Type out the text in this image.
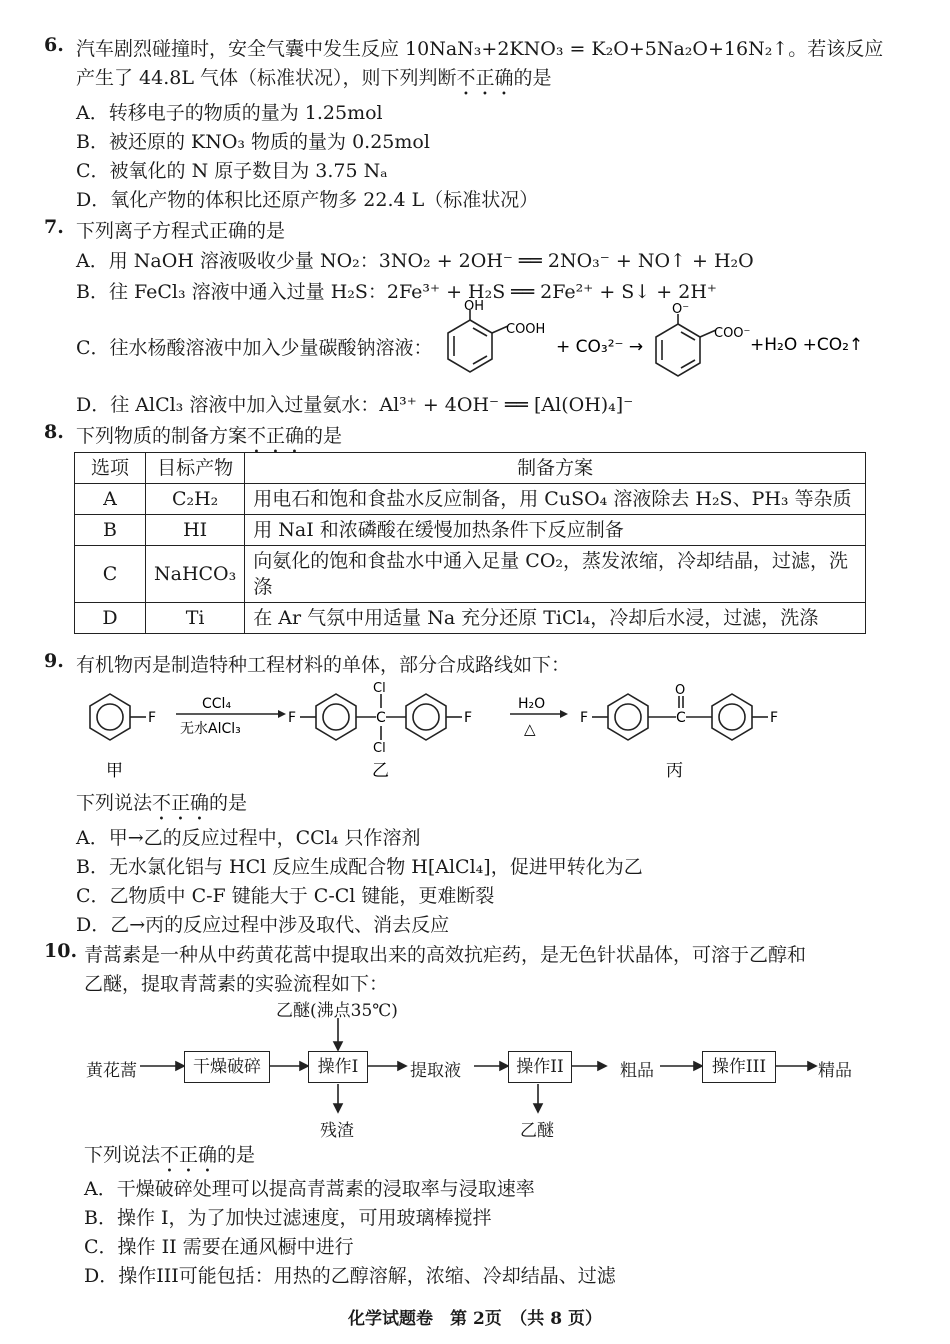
6. 汽车剧烈碰撞时，安全气囊中发生反应 10NaN₃+2KNO₃ = K₂O+5Na₂O+16N₂↑。若该反应
产生了 44.8L 气体（标准状况），则下列判断不正确的是
A．转移电子的物质的量为 1.25mol
B．被还原的 KNO₃ 物质的量为 0.25mol
C．被氧化的 N 原子数目为 3.75 Nₐ
D．氧化产物的体积比还原产物多 22.4 L（标准状况）
7. 下列离子方程式正确的是
A．用 NaOH 溶液吸收少量 NO₂：3NO₂ + 2OH⁻ ══ 2NO₃⁻ + NO↑ + H₂O
B．往 FeCl₃ 溶液中通入过量 H₂S：2Fe³⁺ + H₂S ══ 2Fe²⁺ + S↓ + 2H⁺
C．往水杨酸溶液中加入少量碳酸钠溶液：
OH
COOH
+ CO₃²⁻ →
O⁻
COO⁻
+H₂O +CO₂↑
D．往 AlCl₃ 溶液中加入过量氨水：Al³⁺ + 4OH⁻ ══ [Al(OH)₄]⁻
8. 下列物质的制备方案不正确的是
选项	目标产物	制备方案
A	C₂H₂	用电石和饱和食盐水反应制备，用 CuSO₄ 溶液除去 H₂S、PH₃ 等杂质
B	HI	用 NaI 和浓磷酸在缓慢加热条件下反应制备
C	NaHCO₃	向氨化的饱和食盐水中通入足量 CO₂，蒸发浓缩，冷却结晶，过滤，洗涤
D	Ti	在 Ar 气氛中用适量 Na 充分还原 TiCl₄，冷却后水浸，过滤，洗涤
9. 有机物丙是制造特种工程材料的单体，部分合成路线如下：
F
CCl₄
无水AlCl₃
F	C
Cl
Cl
F
H₂O
△
F	C
O
F
甲	乙	丙
下列说法不正确的是
A．甲→乙的反应过程中，CCl₄ 只作溶剂
B．无水氯化铝与 HCl 反应生成配合物 H[AlCl₄]，促进甲转化为乙
C．乙物质中 C-F 键能大于 C-Cl 键能，更难断裂
D．乙→丙的反应过程中涉及取代、消去反应
10. 青蒿素是一种从中药黄花蒿中提取出来的高效抗疟药，是无色针状晶体，可溶于乙醇和
乙醚，提取青蒿素的实验流程如下：
乙醚(沸点35℃)
黄花蒿	干燥破碎	操作I	提取液	操作II	粗品	操作III	精品
残渣	乙醚
下列说法不正确的是
A．干燥破碎处理可以提高青蒿素的浸取率与浸取速率
B．操作 I，为了加快过滤速度，可用玻璃棒搅拌
C．操作 II 需要在通风橱中进行
D．操作III可能包括：用热的乙醇溶解，浓缩、冷却结晶、过滤
化学试题卷　第 2页　（共 8 页）
